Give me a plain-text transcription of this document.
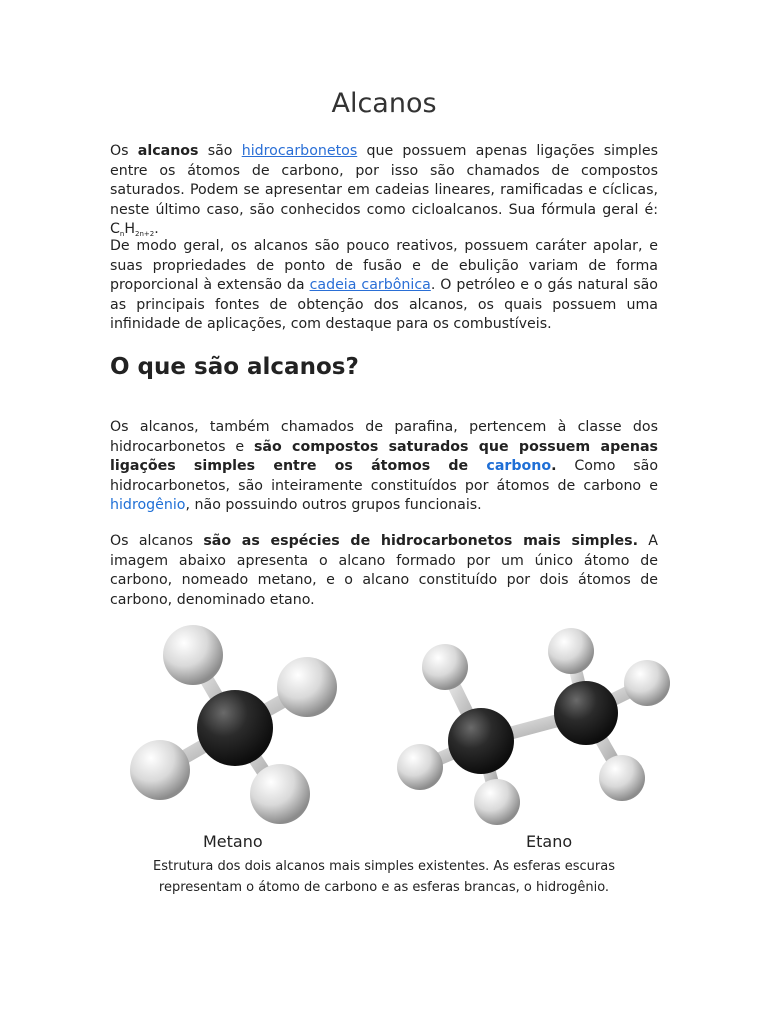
Alcanos

Os alcanos são hidrocarbonetos que possuem apenas ligações simples entre os átomos de carbono, por isso são chamados de compostos saturados. Podem se apresentar em cadeias lineares, ramificadas e cíclicas, neste último caso, são conhecidos como cicloalcanos. Sua fórmula geral é: $C_nH_{2n+2}$.

De modo geral, os alcanos são pouco reativos, possuem caráter apolar, e suas propriedades de ponto de fusão e de ebulição variam de forma proporcional à extensão da cadeia carbônica. O petróleo e o gás natural são as principais fontes de obtenção dos alcanos, os quais possuem uma infinidade de aplicações, com destaque para os combustíveis.

O que são alcanos?

Os alcanos, também chamados de parafina, pertencem à classe dos hidrocarbonetos e são compostos saturados que possuem apenas ligações simples entre os átomos de carbono. Como são hidrocarbonetos, são inteiramente constituídos por átomos de carbono e hidrogênio, não possuindo outros grupos funcionais.

Os alcanos são as espécies de hidrocarbonetos mais simples. A imagem abaixo apresenta o alcano formado por um único átomo de carbono, nomeado metano, e o alcano constituído por dois átomos de carbono, denominado etano.

Metano	Etano
Estrutura dos dois alcanos mais simples existentes. As esferas escuras representam o átomo de carbono e as esferas brancas, o hidrogênio.
